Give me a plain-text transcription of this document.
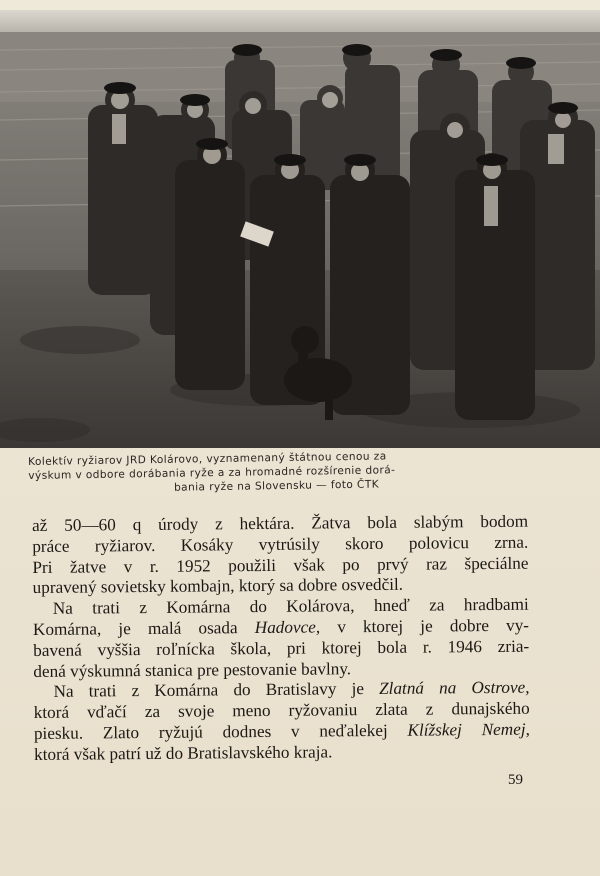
Kolektív ryžiarov JRD Kolárovo, vyznamenaný štátnou cenou za
výskum v odbore dorábania ryže a za hromadné rozšírenie dorá-
bania ryže na Slovensku — foto ČTK
až 50—60 q úrody z hektára. Žatva bola slabým bodom
práce ryžiarov. Kosáky vytrúsily skoro polovicu zrna.
Pri žatve v r. 1952 použili však po prvý raz špeciálne
upravený sovietsky kombajn, ktorý sa dobre osvedčil.
Na trati z Komárna do Kolárova, hneď za hradbami
Komárna, je malá osada Hadovce, v ktorej je dobre vy-
bavená vyššia roľnícka škola, pri ktorej bola r. 1946 zria-
dená výskumná stanica pre pestovanie bavlny.
Na trati z Komárna do Bratislavy je Zlatná na Ostrove,
ktorá vďačí za svoje meno ryžovaniu zlata z dunajského
piesku. Zlato ryžujú dodnes v neďalekej Klížskej Nemej,
ktorá však patrí už do Bratislavského kraja.
59
